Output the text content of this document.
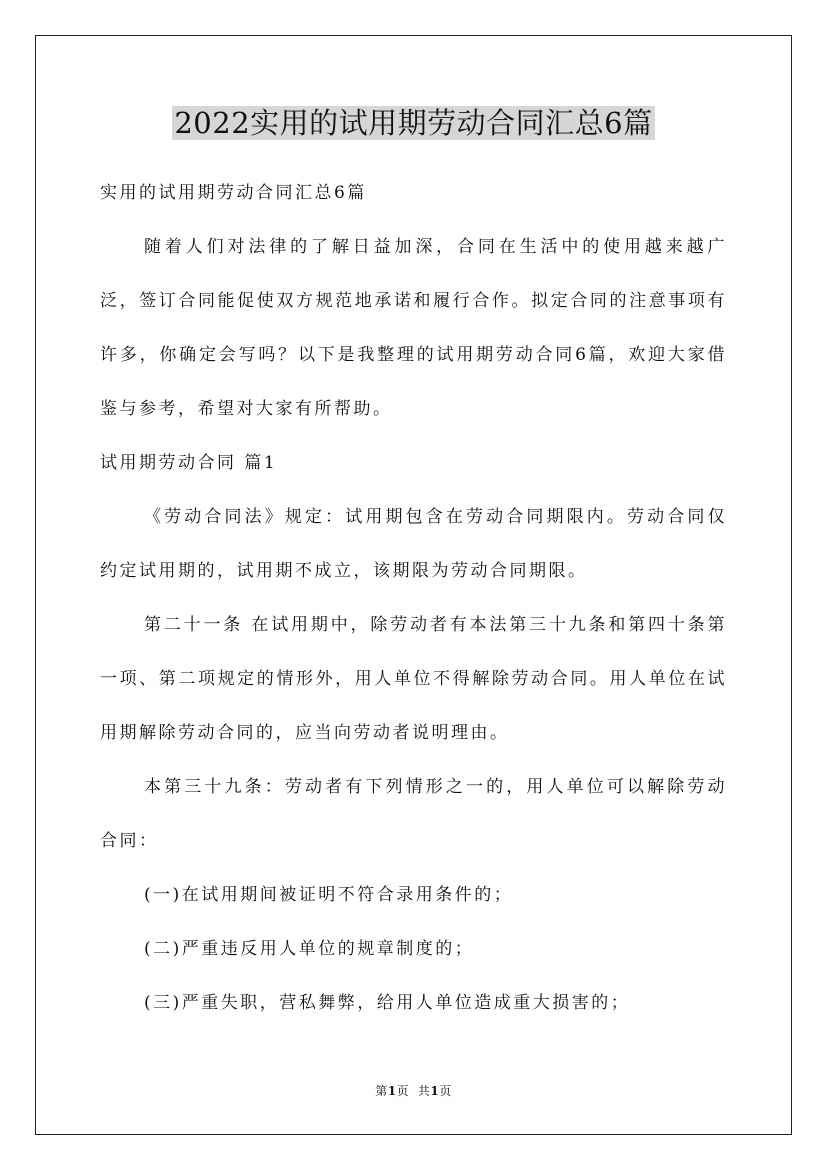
2022实用的试用期劳动合同汇总6篇

实用的试用期劳动合同汇总6篇

随着人们对法律的了解日益加深，合同在生活中的使用越来越广泛，签订合同能促使双方规范地承诺和履行合作。拟定合同的注意事项有许多，你确定会写吗？以下是我整理的试用期劳动合同6篇，欢迎大家借鉴与参考，希望对大家有所帮助。

试用期劳动合同 篇1

《劳动合同法》规定：试用期包含在劳动合同期限内。劳动合同仅约定试用期的，试用期不成立，该期限为劳动合同期限。

第二十一条 在试用期中，除劳动者有本法第三十九条和第四十条第一项、第二项规定的情形外，用人单位不得解除劳动合同。用人单位在试用期解除劳动合同的，应当向劳动者说明理由。

本第三十九条：劳动者有下列情形之一的，用人单位可以解除劳动合同：

(一)在试用期间被证明不符合录用条件的；

(二)严重违反用人单位的规章制度的；

(三)严重失职，营私舞弊，给用人单位造成重大损害的；

第1页 共1页
